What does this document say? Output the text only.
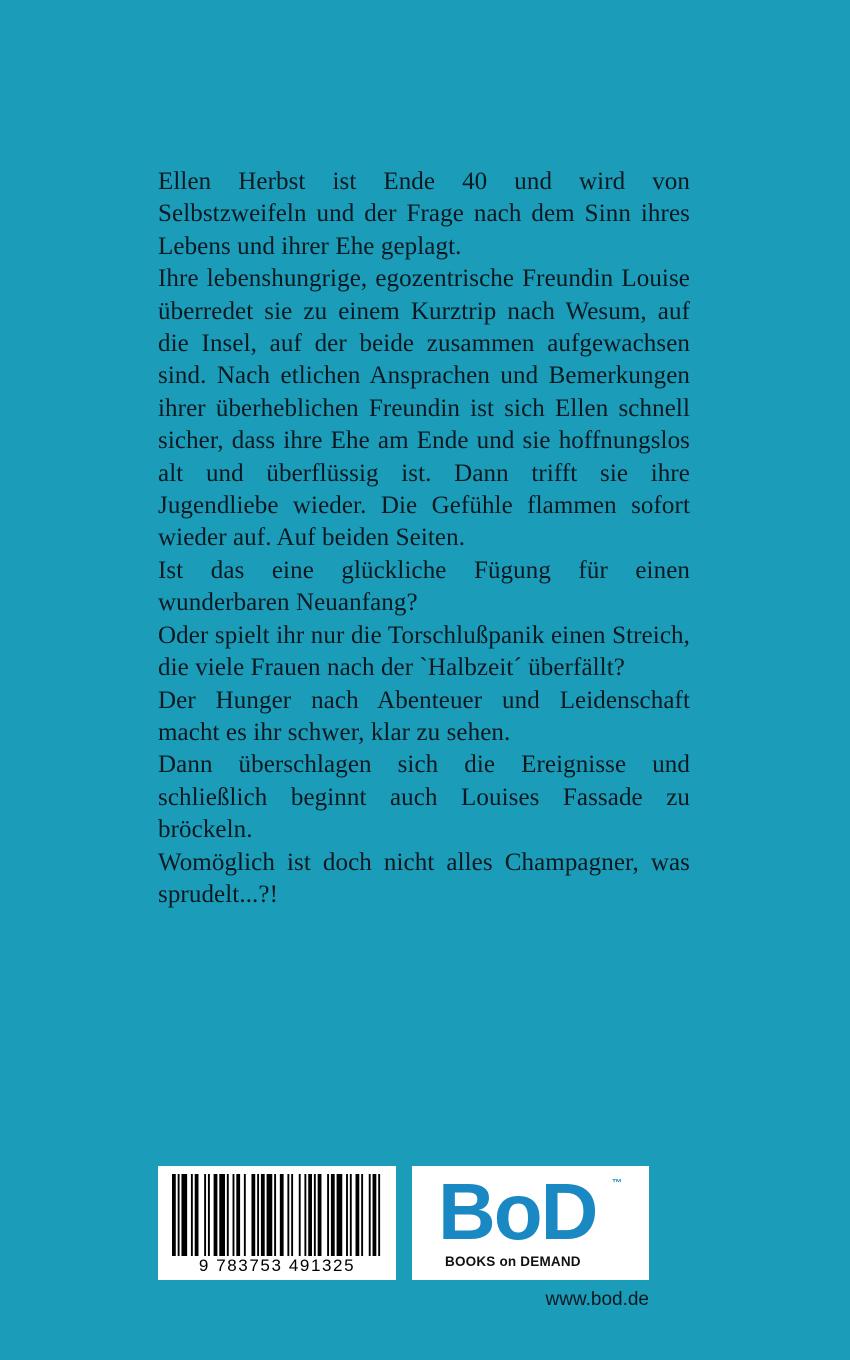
Ellen Herbst ist Ende 40 und wird von Selbstzweifeln und der Frage nach dem Sinn ihres Lebens und ihrer Ehe geplagt.

Ihre lebenshungrige, egozentrische Freundin Louise überredet sie zu einem Kurztrip nach Wesum, auf die Insel, auf der beide zusammen aufgewachsen sind. Nach etlichen Ansprachen und Bemerkungen ihrer überheblichen Freundin ist sich Ellen schnell sicher, dass ihre Ehe am Ende und sie hoffnungslos alt und überflüssig ist. Dann trifft sie ihre Jugendliebe wieder. Die Gefühle flammen sofort wieder auf. Auf beiden Seiten.

Ist das eine glückliche Fügung für einen wunderbaren Neuanfang?

Oder spielt ihr nur die Torschlußpanik einen Streich, die viele Frauen nach der `Halbzeit´ überfällt?

Der Hunger nach Abenteuer und Leidenschaft macht es ihr schwer, klar zu sehen.

Dann überschlagen sich die Ereignisse und schließlich beginnt auch Louises Fassade zu bröckeln.

Womöglich ist doch nicht alles Champagner, was sprudelt...?!

9 783753 491325
BoD ™
BOOKS on DEMAND
www.bod.de
